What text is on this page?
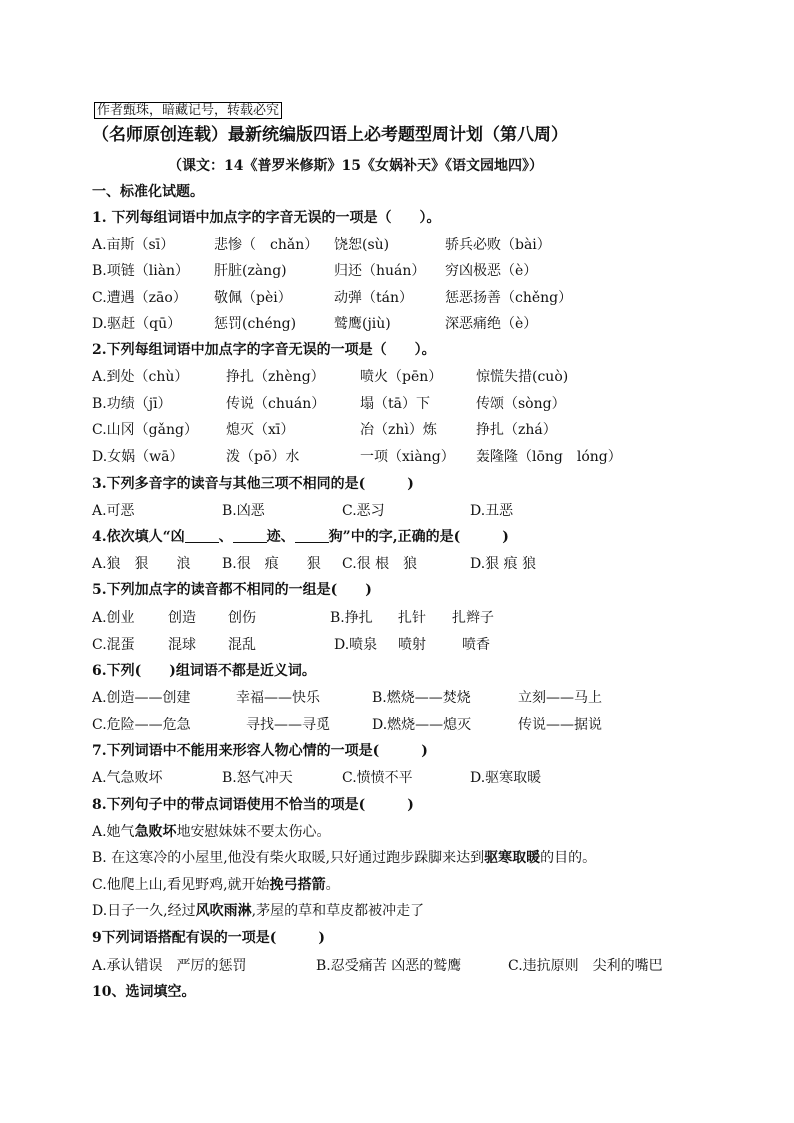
作者甄珠，暗藏记号，转载必究
（名师原创连载）最新统编版四语上必考题型周计划（第八周）
（课文：14《普罗米修斯》15《女娲补天》《语文园地四》）
一、标准化试题。
1. 下列每组词语中加点字的字音无误的一项是（　　）。
A.亩斯（sī）	悲惨（　chǎn） 饶恕(sù)	骄兵必败（bài）
B.项链（liàn） 肝脏(zàng)	归还（huán） 穷凶极恶（è）
C.遭遇（zāo） 敬佩（pèi）	动弹（tán） 惩恶扬善（chěng）
D.驱赶（qū） 惩罚(chéng)	鹫鹰(jiù)	深恶痛绝（è）
2.下列每组词语中加点字的字音无误的一项是（　　）。
A.到处（chù）	挣扎（zhèng）	喷火（pēn） 惊慌失措(cuò)
B.功绩（jī）	传说（chuán） 塌（tā）下	传颂（sòng）
C.山冈（gǎng） 熄灭（xī）	冶（zhì）炼	挣扎（zhá）
D.女娲（wā）	泼（pō）水	一项（xiàng） 轰隆隆（lōng　lóng）
3.下列多音字的读音与其他三项不相同的是(　　　)
A.可恶	B.凶恶	C.恶习	D.丑恶
4.依次填人“凶 、 迹、 狗”中的字,正确的是(　　　)
A.狼　狠　　浪 B.很　痕　　狠 C.很 根　狼	D.狠 痕 狼
5.下列加点字的读音都不相同的一组是(　　)
A.创业 创造 创伤	B.挣扎 扎针 扎辫子
C.混蛋 混球 混乱	D.喷泉 喷射	喷香
6.下列(　　)组词语不都是近义词。
A.创造——创建	幸福——快乐	B.燃烧——焚烧	立刻——马上
C.危险——危急	寻找——寻觅	D.燃烧——熄灭	传说——据说
7.下列词语中不能用来形容人物心情的一项是(　　　)
A.气急败坏	B.怒气冲天	C.愤愤不平	D.驱寒取暖
8.下列句子中的带点词语使用不恰当的项是(　　　)
A.她气急败坏地安慰妹妹不要太伤心。
B. 在这寒冷的小屋里,他没有柴火取暖,只好通过跑步跺脚来达到驱寒取暖的目的。
C.他爬上山,看见野鸡,就开始挽弓搭箭。
D.日子一久,经过风吹雨淋,茅屋的草和草皮都被冲走了
9下列词语搭配有误的一项是(　　　)
A.承认错误　严厉的惩罚	B.忍受痛苦 凶恶的鹫鹰	C.违抗原则　尖利的嘴巴
10、选词填空。
